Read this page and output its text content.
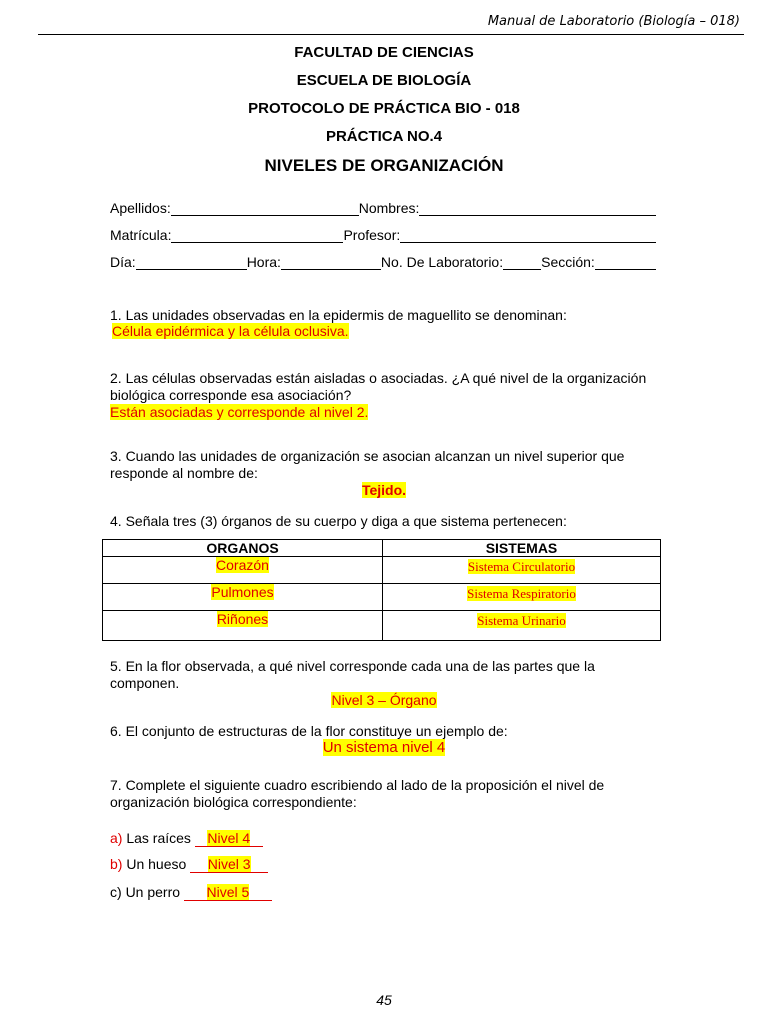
Manual de Laboratorio (Biología – 018)
FACULTAD DE CIENCIAS
ESCUELA DE BIOLOGÍA
PROTOCOLO DE PRÁCTICA BIO - 018
PRÁCTICA NO.4
NIVELES DE ORGANIZACIÓN
Apellidos:	Nombres:
Matrícula:	Profesor:
Día:	Hora:	No. De Laboratorio:	Sección:
1. Las unidades observadas en la epidermis de maguellito se denominan:
Célula epidérmica y la célula oclusiva.
2. Las células observadas están aisladas o asociadas. ¿A qué nivel de la organización
biológica corresponde esa asociación?
Están asociadas y corresponde al nivel 2.
3. Cuando las unidades de organización se asocian alcanzan un nivel superior que
responde al nombre de:
Tejido.
4. Señala tres (3) órganos de su cuerpo y diga a que sistema pertenecen:
ORGANOS	SISTEMAS
Corazón	Sistema Circulatorio
Pulmones	Sistema Respiratorio
Riñones	Sistema Urinario
5. En la flor observada, a qué nivel corresponde cada una de las partes que la
componen.
Nivel 3 – Órgano
6. El conjunto de estructuras de la flor constituye un ejemplo de:
Un sistema nivel 4
7. Complete el siguiente cuadro escribiendo al lado de la proposición el nivel de
organización biológica correspondiente:
a) Las raíces Nivel 4
b) Un hueso Nivel 3
c) Un perro Nivel 5
45
